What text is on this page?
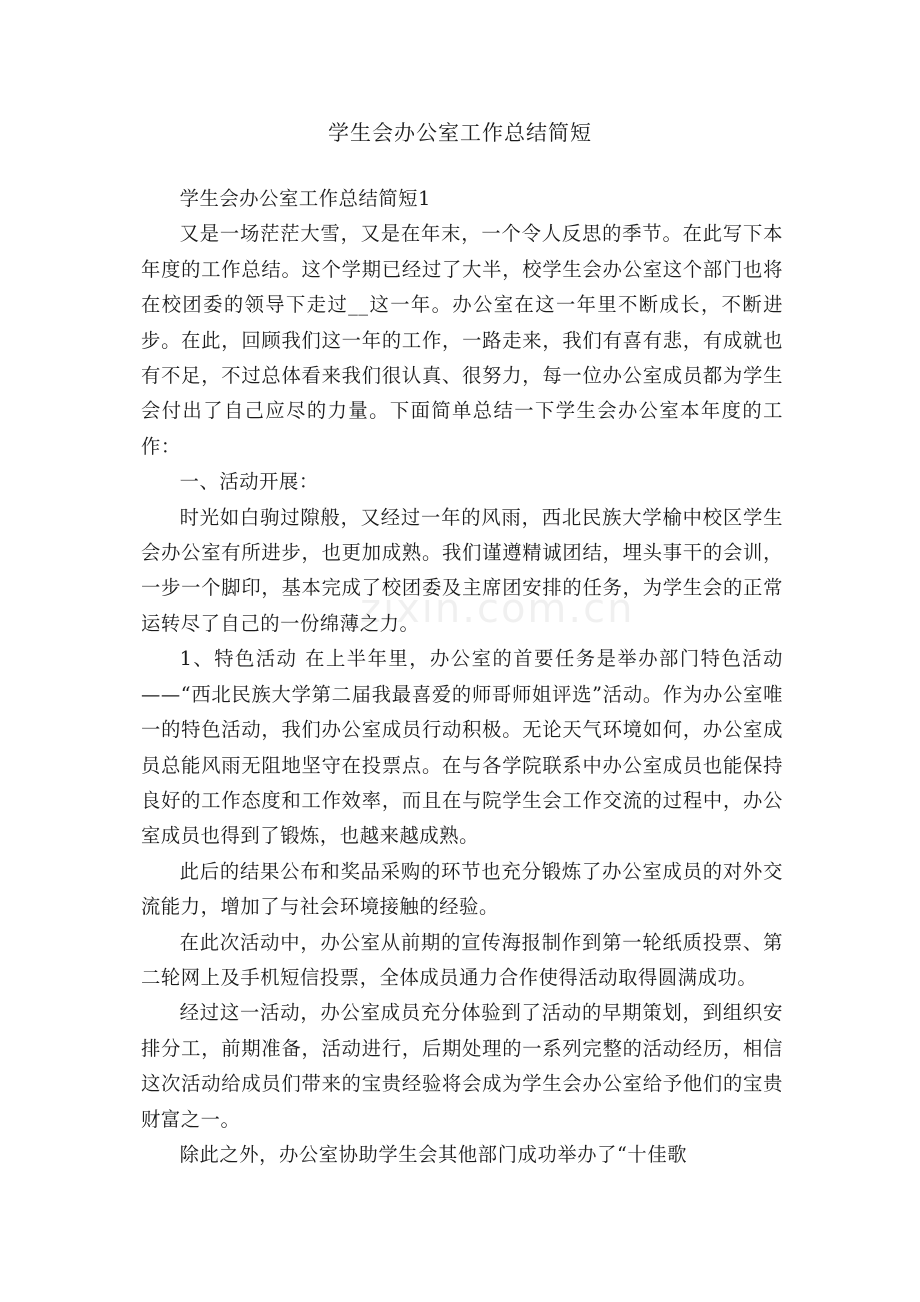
学生会办公室工作总结简短

学生会办公室工作总结简短1

又是一场茫茫大雪，又是在年末，一个令人反思的季节。在此写下本年度的工作总结。这个学期已经过了大半，校学生会办公室这个部门也将在校团委的领导下走过__这一年。办公室在这一年里不断成长，不断进步。在此，回顾我们这一年的工作，一路走来，我们有喜有悲，有成就也有不足，不过总体看来我们很认真、很努力，每一位办公室成员都为学生会付出了自己应尽的力量。下面简单总结一下学生会办公室本年度的工作：

一、活动开展：

时光如白驹过隙般，又经过一年的风雨，西北民族大学榆中校区学生会办公室有所进步，也更加成熟。我们谨遵精诚团结，埋头事干的会训，一步一个脚印，基本完成了校团委及主席团安排的任务，为学生会的正常运转尽了自己的一份绵薄之力。

1、特色活动 在上半年里，办公室的首要任务是举办部门特色活动——“西北民族大学第二届我最喜爱的师哥师姐评选”活动。作为办公室唯一的特色活动，我们办公室成员行动积极。无论天气环境如何，办公室成员总能风雨无阻地坚守在投票点。在与各学院联系中办公室成员也能保持良好的工作态度和工作效率，而且在与院学生会工作交流的过程中，办公室成员也得到了锻炼，也越来越成熟。

此后的结果公布和奖品采购的环节也充分锻炼了办公室成员的对外交流能力，增加了与社会环境接触的经验。

在此次活动中，办公室从前期的宣传海报制作到第一轮纸质投票、第二轮网上及手机短信投票，全体成员通力合作使得活动取得圆满成功。

经过这一活动，办公室成员充分体验到了活动的早期策划，到组织安排分工，前期准备，活动进行，后期处理的一系列完整的活动经历，相信这次活动给成员们带来的宝贵经验将会成为学生会办公室给予他们的宝贵财富之一。

除此之外，办公室协助学生会其他部门成功举办了“十佳歌

zixin.com.cn
